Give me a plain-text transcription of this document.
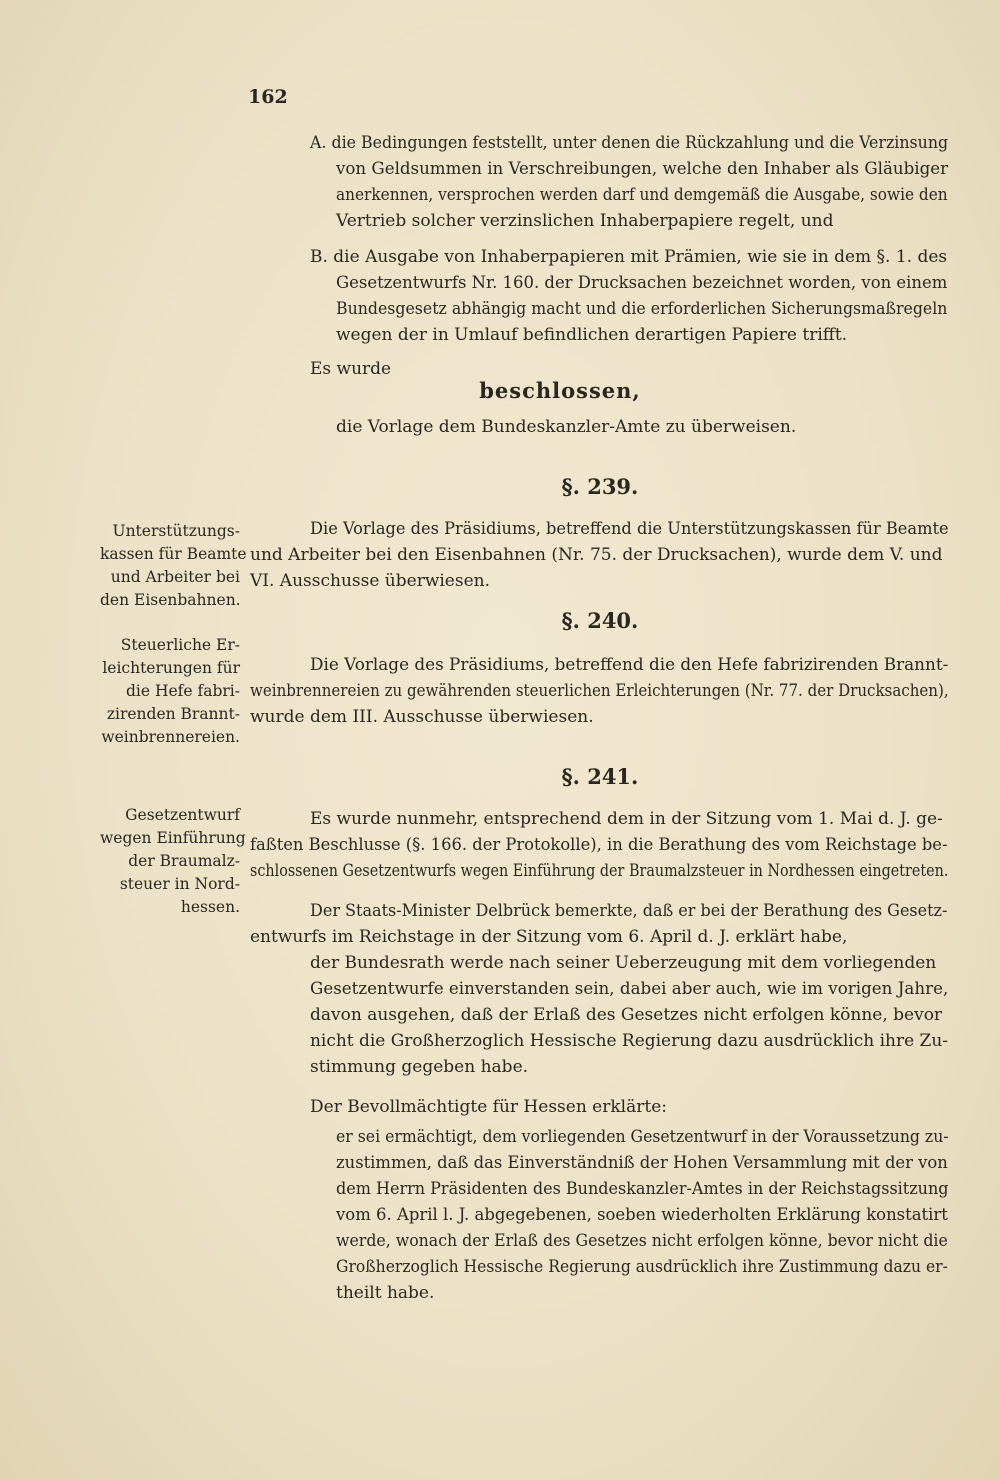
162
A. die Bedingungen feststellt, unter denen die Rückzahlung und die Verzinsung
von Geldsummen in Verschreibungen, welche den Inhaber als Gläubiger
anerkennen, versprochen werden darf und demgemäß die Ausgabe, sowie den
Vertrieb solcher verzinslichen Inhaberpapiere regelt, und
B. die Ausgabe von Inhaberpapieren mit Prämien, wie sie in dem §. 1. des
Gesetzentwurfs Nr. 160. der Drucksachen bezeichnet worden, von einem
Bundesgesetz abhängig macht und die erforderlichen Sicherungsmaßregeln
wegen der in Umlauf befindlichen derartigen Papiere trifft.
Es wurde
beschlossen,
die Vorlage dem Bundeskanzler-Amte zu überweisen.
§. 239.
Unterstützungs-
kassen für Beamte
und Arbeiter bei
den Eisenbahnen.
Die Vorlage des Präsidiums, betreffend die Unterstützungskassen für Beamte
und Arbeiter bei den Eisenbahnen (Nr. 75. der Drucksachen), wurde dem V. und
VI. Ausschusse überwiesen.
§. 240.
Steuerliche Er-
leichterungen für
die Hefe fabri-
zirenden Brannt-
weinbrennereien.
Die Vorlage des Präsidiums, betreffend die den Hefe fabrizirenden Brannt-
weinbrennereien zu gewährenden steuerlichen Erleichterungen (Nr. 77. der Drucksachen),
wurde dem III. Ausschusse überwiesen.
§. 241.
Gesetzentwurf
wegen Einführung
der Braumalz-
steuer in Nord-
hessen.
Es wurde nunmehr, entsprechend dem in der Sitzung vom 1. Mai d. J. ge-
faßten Beschlusse (§. 166. der Protokolle), in die Berathung des vom Reichstage be-
schlossenen Gesetzentwurfs wegen Einführung der Braumalzsteuer in Nordhessen eingetreten.
Der Staats-Minister Delbrück bemerkte, daß er bei der Berathung des Gesetz-
entwurfs im Reichstage in der Sitzung vom 6. April d. J. erklärt habe,
der Bundesrath werde nach seiner Ueberzeugung mit dem vorliegenden
Gesetzentwurfe einverstanden sein, dabei aber auch, wie im vorigen Jahre,
davon ausgehen, daß der Erlaß des Gesetzes nicht erfolgen könne, bevor
nicht die Großherzoglich Hessische Regierung dazu ausdrücklich ihre Zu-
stimmung gegeben habe.
Der Bevollmächtigte für Hessen erklärte:
er sei ermächtigt, dem vorliegenden Gesetzentwurf in der Voraussetzung zu-
zustimmen, daß das Einverständniß der Hohen Versammlung mit der von
dem Herrn Präsidenten des Bundeskanzler-Amtes in der Reichstagssitzung
vom 6. April l. J. abgegebenen, soeben wiederholten Erklärung konstatirt
werde, wonach der Erlaß des Gesetzes nicht erfolgen könne, bevor nicht die
Großherzoglich Hessische Regierung ausdrücklich ihre Zustimmung dazu er-
theilt habe.
